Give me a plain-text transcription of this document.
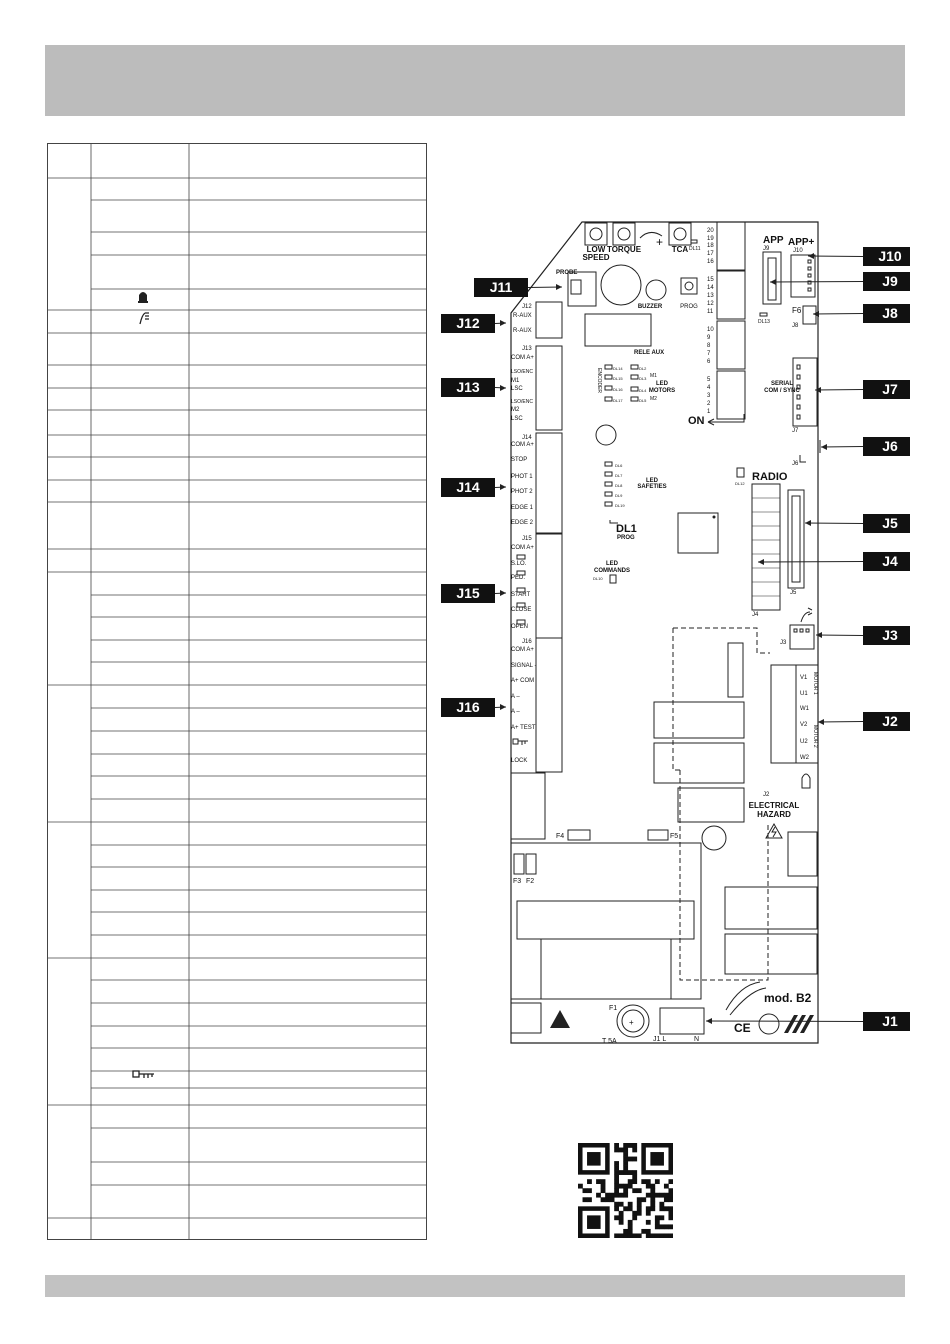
LOW
SPEED
TORQUE	TCA
+	DL11
20
19
18
17
16
15
14
13
12
11
10
9
8
7
6
5
4
3
2
1
ON
BUZZER	PROG
PROBE
APP APP+
J9	J10
DL13
F6
J8
SERIAL
COM / SYNC
J7
J6
RELE AUX
J12
R-AUX
R-AUX
J13
COM A+
LSO/ENC
M1
LSC
LSO/ENC
M2
LSC
ENCODER	DL14
DL15
DL16
DL17
DL2
DL3
DL4
DL5
M1
M2
LED
MOTORS
J14
COM A+
STOP
PHOT 1
PHOT 2
EDGE 1
EDGE 2
DL6
DL7
DL8
DL9
DL19
LED
SAFETIES
DL1
PROG
DL12
RADIO
J4
J5
J15
COM A+
S.LO.
PED.
START
CLOSE
OPEN
LED
COMMANDS
DL10
J16
COM A+
SIGNAL -
A+ COM
A –
A –
A+ TEST
LOCK
J3
V1
U1
W1
MOTOR 1
V2
U2
W2
MOTOR 2
J2
ELECTRICAL
HAZARD
F4	F5
F3 F2
+
F1
T 5A	J1 L	N
mod. B2
CE
J11
J12
J13
J14
J15
J16
J10
J9
J8
J7
J6
J5
J4
J3
J2
J1
